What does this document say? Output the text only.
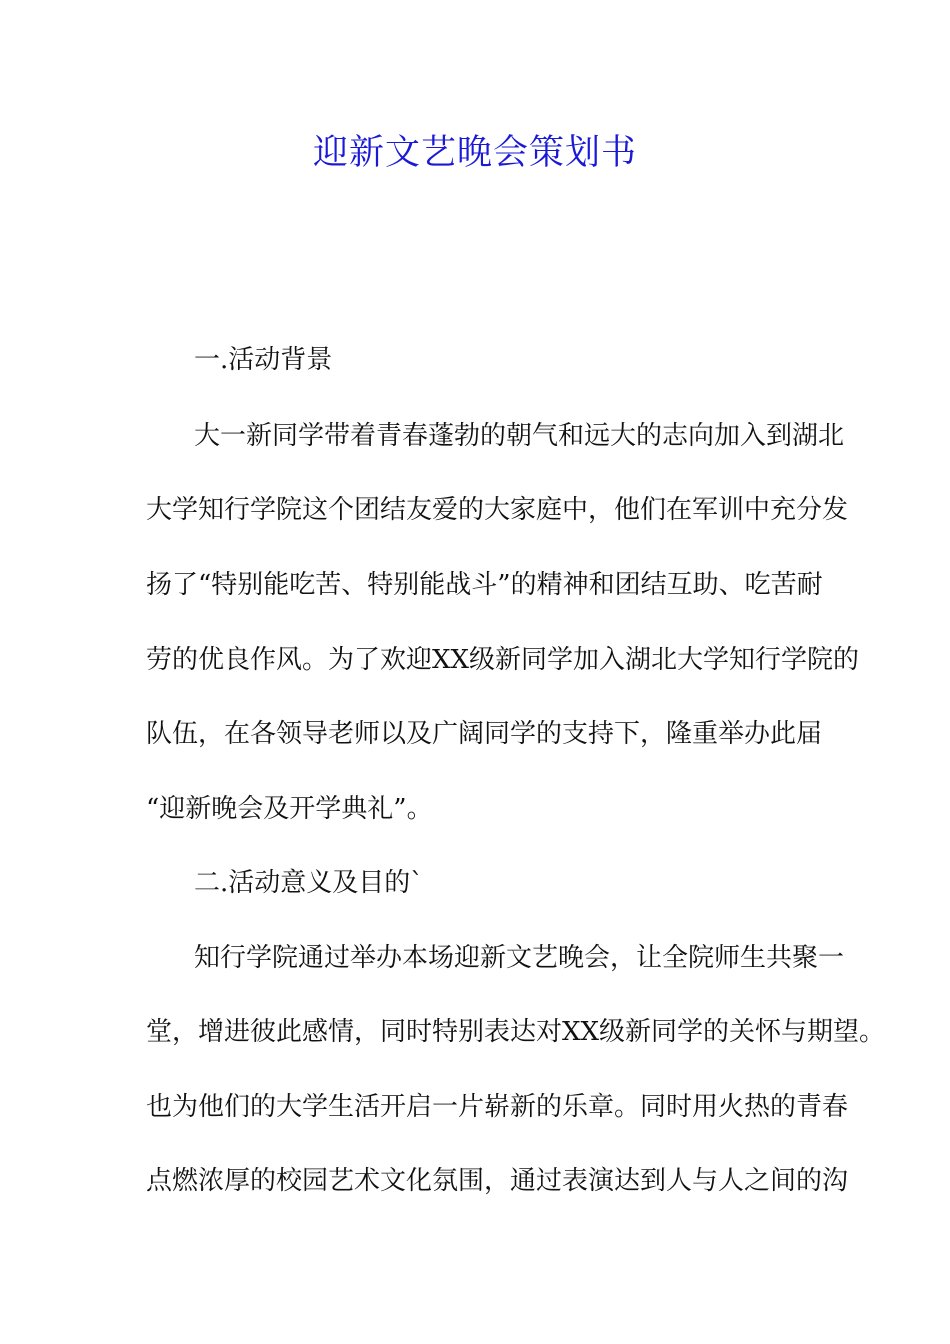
迎新文艺晚会策划书
一.活动背景
大一新同学带着青春蓬勃的朝气和远大的志向加入到湖北
大学知行学院这个团结友爱的大家庭中，他们在军训中充分发
扬了“特别能吃苦、特别能战斗”的精神和团结互助、吃苦耐
劳的优良作风。为了欢迎XX级新同学加入湖北大学知行学院的
队伍，在各领导老师以及广阔同学的支持下，隆重举办此届
“迎新晚会及开学典礼”。
二.活动意义及目的`
知行学院通过举办本场迎新文艺晚会，让全院师生共聚一
堂，增进彼此感情，同时特别表达对XX级新同学的关怀与期望。
也为他们的大学生活开启一片崭新的乐章。同时用火热的青春
点燃浓厚的校园艺术文化氛围，通过表演达到人与人之间的沟
